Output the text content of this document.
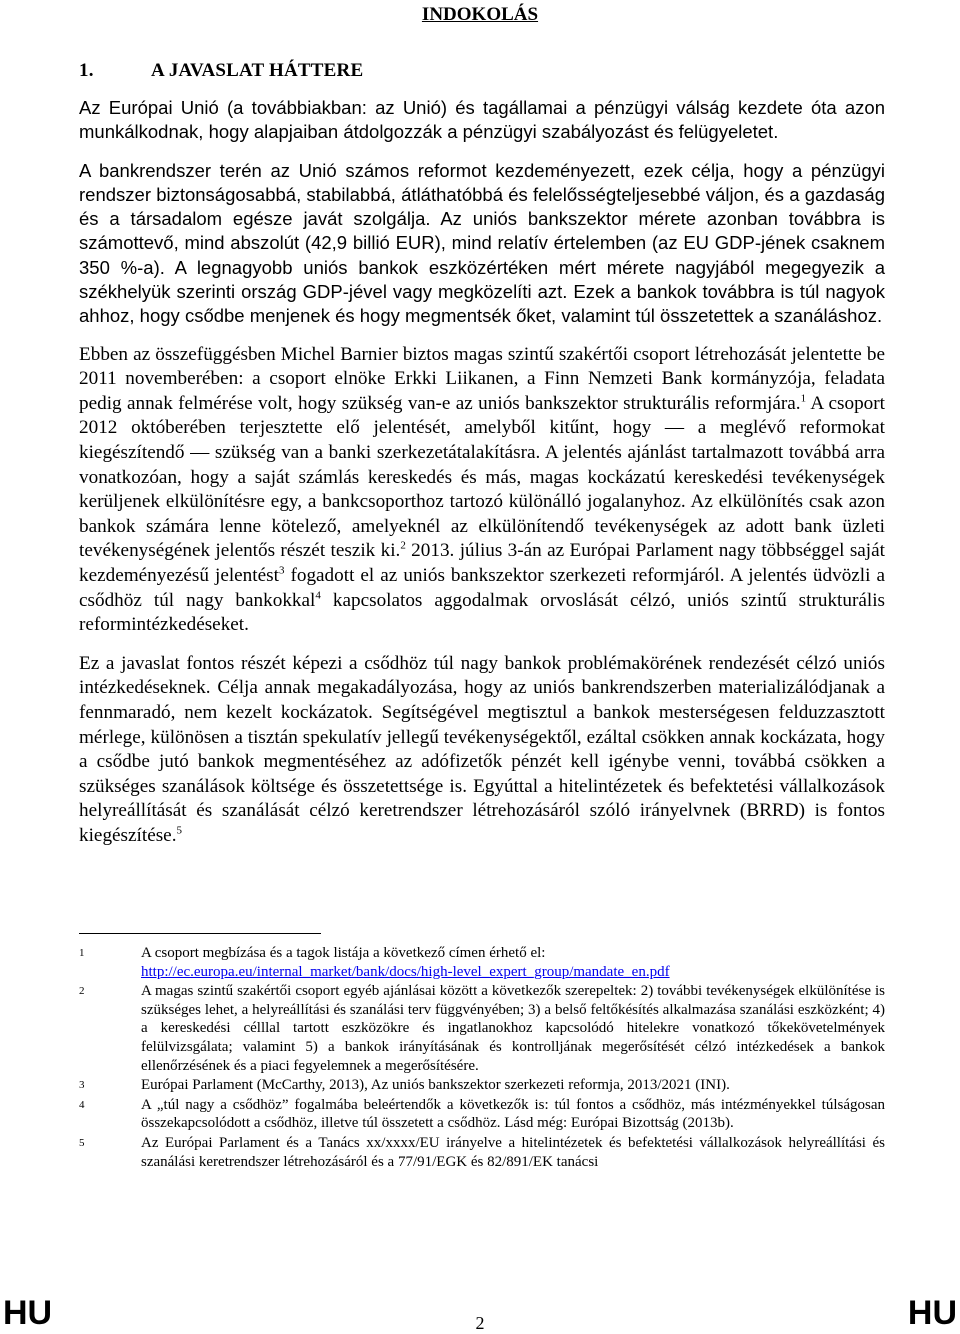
INDOKOLÁS
1.	A JAVASLAT HÁTTERE

Az Európai Unió (a továbbiakban: az Unió) és tagállamai a pénzügyi válság kezdete óta azon munkálkodnak, hogy alapjaiban átdolgozzák a pénzügyi szabályozást és felügyeletet.

A bankrendszer terén az Unió számos reformot kezdeményezett, ezek célja, hogy a pénzügyi rendszer biztonságosabbá, stabilabbá, átláthatóbbá és felelősségteljesebbé váljon, és a gazdaság és a társadalom egésze javát szolgálja. Az uniós bankszektor mérete azonban továbbra is számottevő, mind abszolút (42,9 billió EUR), mind relatív értelemben (az EU GDP-jének csaknem 350 %-a). A legnagyobb uniós bankok eszközértéken mért mérete nagyjából megegyezik a székhelyük szerinti ország GDP-jével vagy megközelíti azt. Ezek a bankok továbbra is túl nagyok ahhoz, hogy csődbe menjenek és hogy megmentsék őket, valamint túl összetettek a szanáláshoz.

Ebben az összefüggésben Michel Barnier biztos magas szintű szakértői csoport létrehozását jelentette be 2011 novemberében: a csoport elnöke Erkki Liikanen, a Finn Nemzeti Bank kormányzója, feladata pedig annak felmérése volt, hogy szükség van-e az uniós bankszektor strukturális reformjára.$^1$ A csoport 2012 októberében terjesztette elő jelentését, amelyből kitűnt, hogy — a meglévő reformokat kiegészítendő — szükség van a banki szerkezetátalakításra. A jelentés ajánlást tartalmazott továbbá arra vonatkozóan, hogy a saját számlás kereskedés és más, magas kockázatú kereskedési tevékenységek kerüljenek elkülönítésre egy, a bankcsoporthoz tartozó különálló jogalanyhoz. Az elkülönítés csak azon bankok számára lenne kötelező, amelyeknél az elkülönítendő tevékenységek az adott bank üzleti tevékenységének jelentős részét teszik ki.$^2$ 2013. július 3-án az Európai Parlament nagy többséggel saját kezdeményezésű jelentést$^3$ fogadott el az uniós bankszektor szerkezeti reformjáról. A jelentés üdvözli a csődhöz túl nagy bankokkal$^4$ kapcsolatos aggodalmak orvoslását célzó, uniós szintű strukturális reformintézkedéseket.

Ez a javaslat fontos részét képezi a csődhöz túl nagy bankok problémakörének rendezését célzó uniós intézkedéseknek. Célja annak megakadályozása, hogy az uniós bankrendszerben materializálódjanak a fennmaradó, nem kezelt kockázatok. Segítségével megtisztul a bankok mesterségesen felduzzasztott mérlege, különösen a tisztán spekulatív jellegű tevékenységektől, ezáltal csökken annak kockázata, hogy a csődbe jutó bankok megmentéséhez az adófizetők pénzét kell igénybe venni, továbbá csökken a szükséges szanálások költsége és összetettsége is. Egyúttal a hitelintézetek és befektetési vállalkozások helyreállítását és szanálását célzó keretrendszer létrehozásáról szóló irányelvnek (BRRD) is fontos kiegészítése.$^5$

1	A csoport megbízása és a tagok listája a következő címen érhető el:
http://ec.europa.eu/internal_market/bank/docs/high-level_expert_group/mandate_en.pdf
2	A magas szintű szakértői csoport egyéb ajánlásai között a következők szerepeltek: 2) további tevékenységek elkülönítése is szükséges lehet, a helyreállítási és szanálási terv függvényében; 3) a belső feltőkésítés alkalmazása szanálási eszközként; 4) a kereskedési célllal tartott eszközökre és ingatlanokhoz kapcsolódó hitelekre vonatkozó tőkekövetelmények felülvizsgálata; valamint 5) a bankok irányításának és kontrolljának megerősítését célzó intézkedések a bankok ellenőrzésének és a piaci fegyelemnek a megerősítésére.
3	Európai Parlament (McCarthy, 2013), Az uniós bankszektor szerkezeti reformja, 2013/2021 (INI).
4	A „túl nagy a csődhöz” fogalmába beleértendők a következők is: túl fontos a csődhöz, más intézményekkel túlságosan összekapcsolódott a csődhöz, illetve túl összetett a csődhöz. Lásd még: Európai Bizottság (2013b).
5	Az Európai Parlament és a Tanács xx/xxxx/EU irányelve a hitelintézetek és befektetési vállalkozások helyreállítási és szanálási keretrendszer létrehozásáról és a 77/91/EGK és 82/891/EK tanácsi

HU	2	HU
